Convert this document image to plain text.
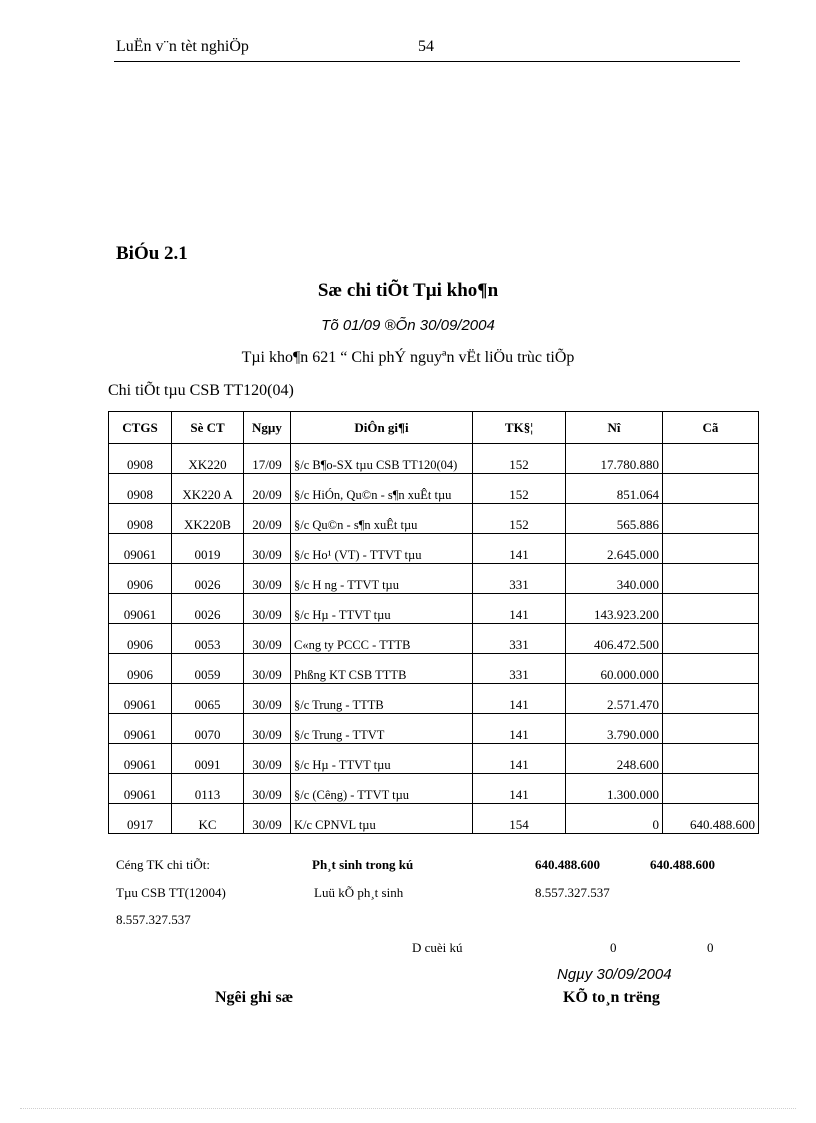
LuËn v¨n tèt nghiÖp	54
BiÓu 2.1
Sæ chi tiÕt Tµi kho¶n
Tõ 01/09 ®Õn 30/09/2004
Tµi kho¶n 621 “ Chi phÝ nguyªn vËt liÖu trùc tiÕp
Chi tiÕt tµu CSB TT120(04)
CTGS	Sè CT	Ngµy	DiÔn gi¶i	TK§¦	Nî	Cã
0908	XK220	17/09	§/c B¶o-SX tµu CSB TT120(04)	152	17.780.880	
0908	XK220 A	20/09	§/c HiÓn, Qu©n - s¶n xuÊt tµu	152	851.064	
0908	XK220B	20/09	§/c Qu©n - s¶n xuÊt tµu	152	565.886	
09061	0019	30/09	§/c Ho¹ (VT) - TTVT tµu	141	2.645.000	
0906	0026	30/09	§/c H ng - TTVT tµu	331	340.000	
09061	0026	30/09	§/c Hµ - TTVT tµu	141	143.923.200	
0906	0053	30/09	C«ng ty PCCC - TTTB	331	406.472.500	
0906	0059	30/09	Phßng KT CSB TTTB	331	60.000.000	
09061	0065	30/09	§/c Trung - TTTB	141	2.571.470	
09061	0070	30/09	§/c Trung - TTVT	141	3.790.000	
09061	0091	30/09	§/c Hµ - TTVT tµu	141	248.600	
09061	0113	30/09	§/c (Cêng) - TTVT tµu	141	1.300.000	
0917	KC	30/09	K/c CPNVL tµu	154	0	640.488.600
Céng TK chi tiÕt:	Ph¸t sinh trong kú	640.488.600	640.488.600
Tµu CSB TT(12004)	Luü kÕ ph¸t sinh	8.557.327.537
8.557.327.537
D cuèi kú	0	0
Ngµy 30/09/2004
Ngêi ghi sæ	KÕ to¸n trëng
